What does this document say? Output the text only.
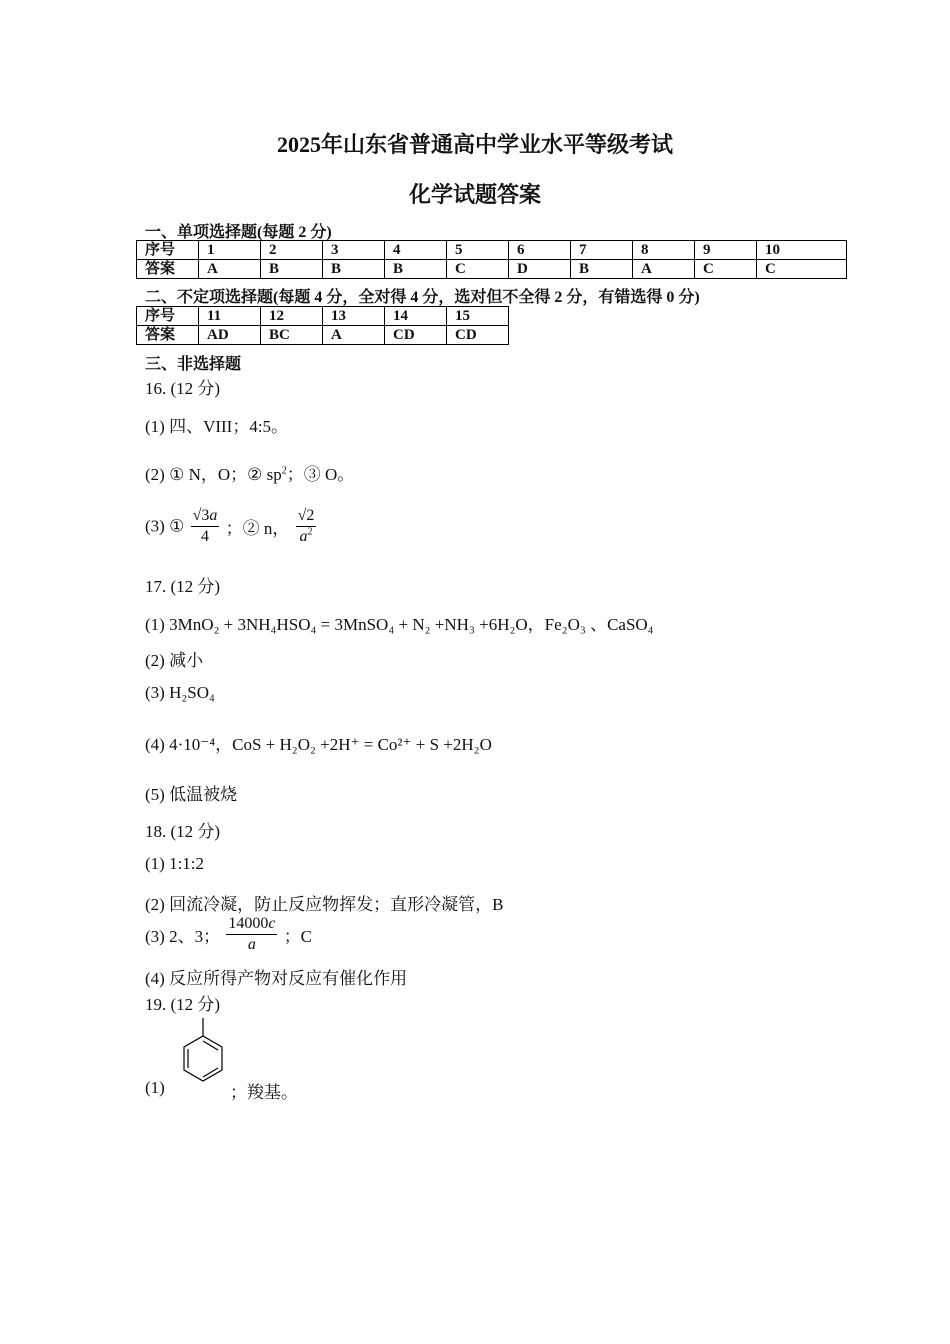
2025年山东省普通高中学业水平等级考试
化学试题答案
一、单项选择题(每题 2 分)
序号	1	2	3	4	5	6	7	8	9	10
答案	A	B	B	B	C	D	B	A	C	C
二、不定项选择题(每题 4 分，全对得 4 分，选对但不全得 2 分，有错选得 0 分)
序号	11	12	13	14	15
答案	AD	BC	A	CD	CD
三、非选择题
16. (12 分)
(1) 四、VIII；4:5。
(2) ① N，O；② $sp^2$；③ O。
(3) ① $\frac{√3a}{4}$ ；② n， $\frac{√2}{a^2}$
17. (12 分)
(1) 3MnO₂ + 3NH₄HSO₄ = 3MnSO₄ + N₂ +NH₃ +6H₂O，Fe₂O₃ 、CaSO₄
(2) 减小
(3) H₂SO₄
(4) 4·10⁻⁴，CoS + H₂O₂ +2H⁺ = Co²⁺ + S +2H₂O
(5) 低温被烧
18. (12 分)
(1) 1:1:2
(2) 回流冷凝，防止反应物挥发；直形冷凝管，B
(3) 2、3； $\frac{14000c}{a}$ ；C
(4) 反应所得产物对反应有催化作用
19. (12 分)
(1)	；羧基。
